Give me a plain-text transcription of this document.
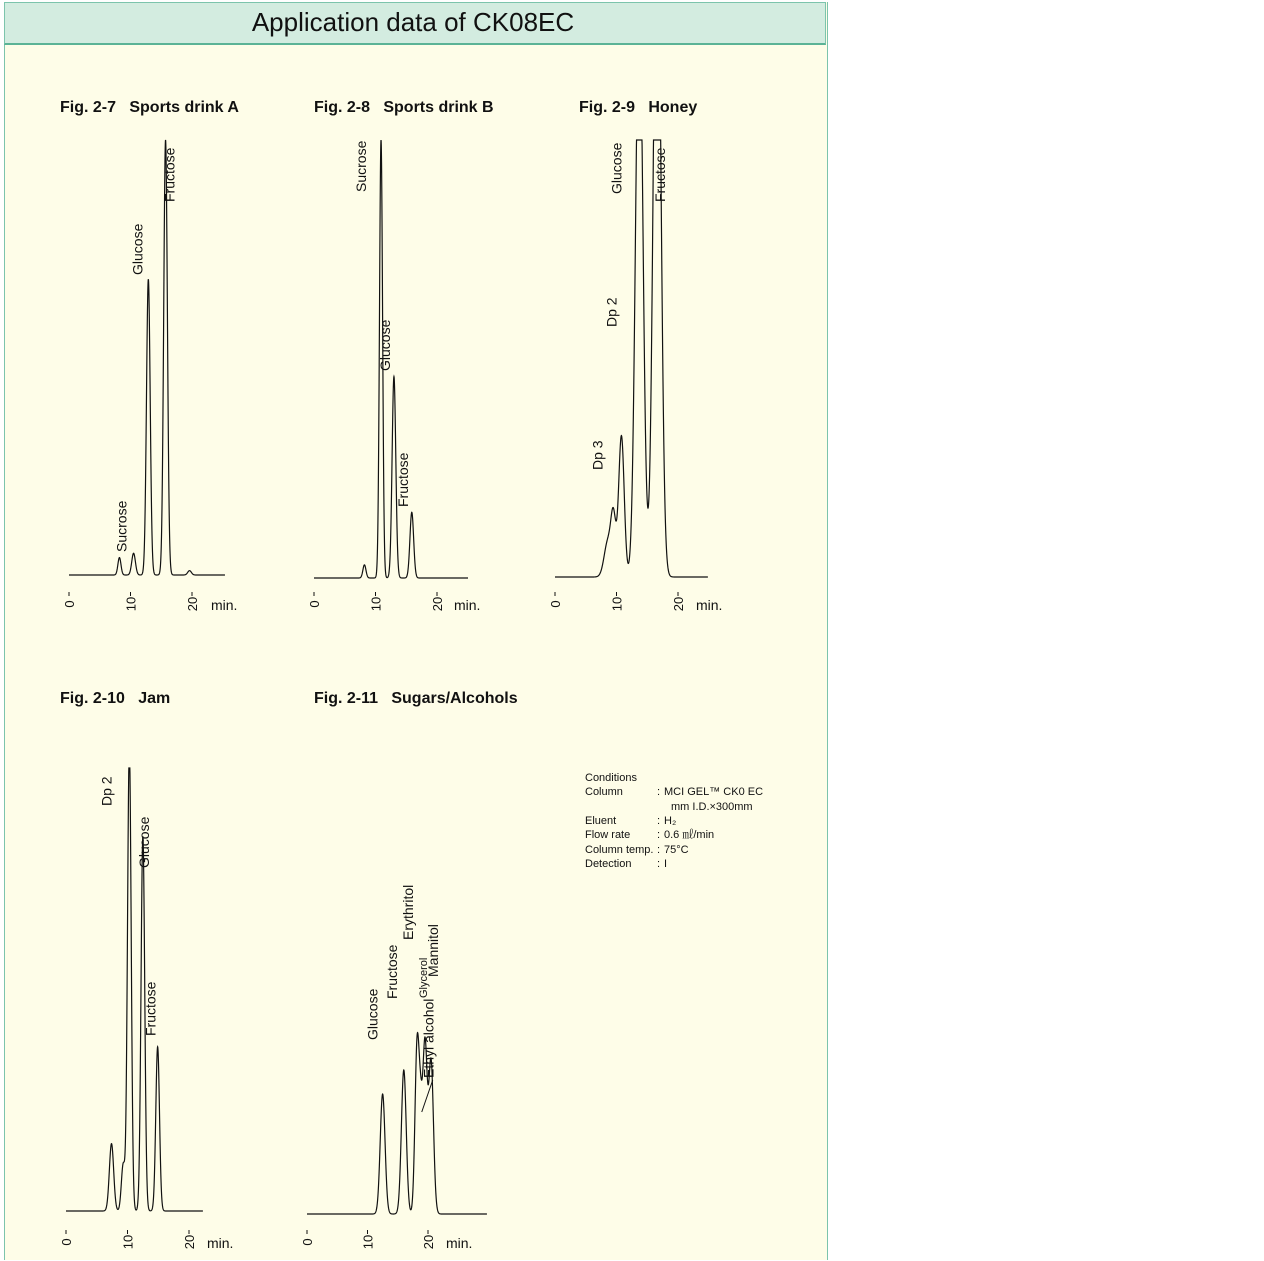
Application data of CK08EC
Fig. 2-7   Sports drink A	Fig. 2-8   Sports drink B	Fig. 2-9   Honey
Fig. 2-10   Jam	Fig. 2-11   Sugars/Alcohols
0	10	20 min.
Sucrose
Glucose
Fructose
0	10	20 min.
Sucrose
Glucose
Fructose
0	10	20 min.
Dp 3
Dp 2
Glucose Fructose
0	10	20 min.
Dp 2
Glucose
Fructose
0	10	20 min.
Glucose
Fructose
Erythritol
Ethyl alcohol
Glycerol
Mannitol
Conditions
Column	: MCI GEL™ CK0 EC
mm I.D.×300mm
Eluent	: H₂
Flow rate : 0.6 ㎖/min
Column temp. : 75°C
Detection : I
